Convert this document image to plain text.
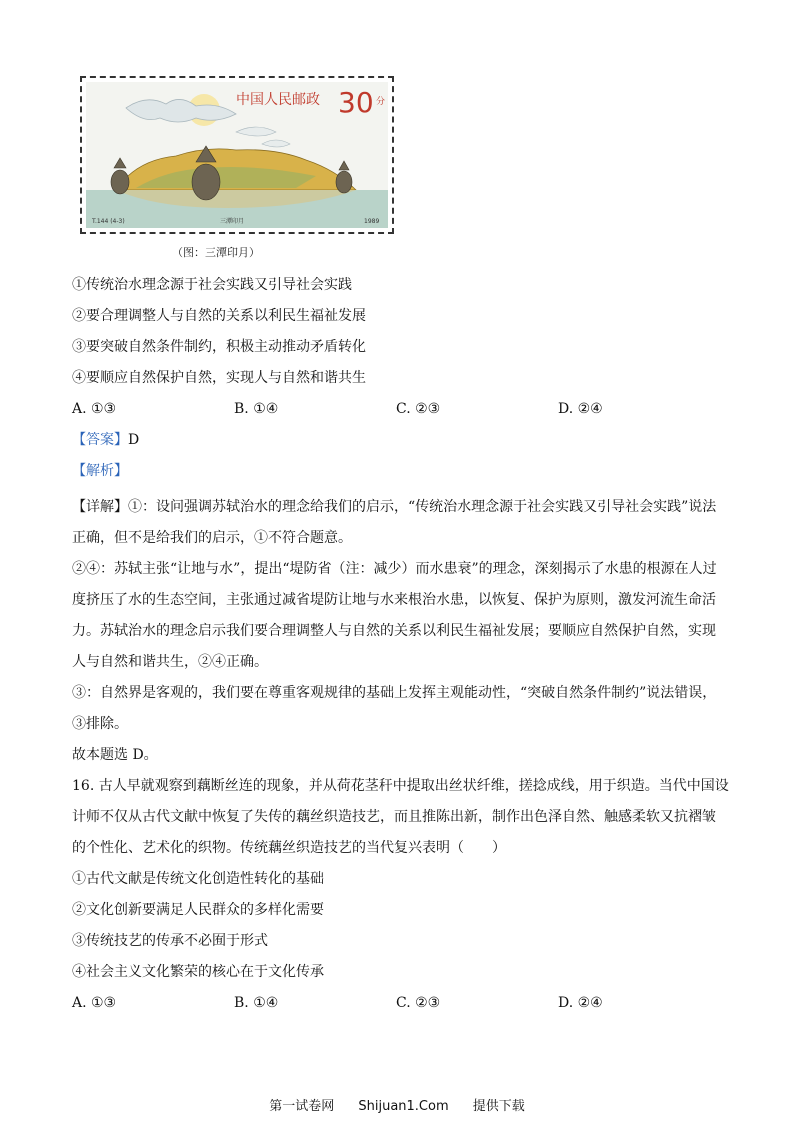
中国人民邮政 30 分
T.144 (4-3)	三潭印月	1989
（图：三潭印月）
①传统治水理念源于社会实践又引导社会实践
②要合理调整人与自然的关系以利民生福祉发展
③要突破自然条件制约，积极主动推动矛盾转化
④要顺应自然保护自然，实现人与自然和谐共生
A. ①③	B. ①④	C. ②③	D. ②④
【答案】D
【解析】
【详解】①：设问强调苏轼治水的理念给我们的启示，“传统治水理念源于社会实践又引导社会实践”说法
正确，但不是给我们的启示，①不符合题意。
②④：苏轼主张“让地与水”，提出“堤防省（注：减少）而水患衰”的理念，深刻揭示了水患的根源在人过
度挤压了水的生态空间，主张通过减省堤防让地与水来根治水患，以恢复、保护为原则，激发河流生命活
力。苏轼治水的理念启示我们要合理调整人与自然的关系以利民生福祉发展；要顺应自然保护自然，实现
人与自然和谐共生，②④正确。
③：自然界是客观的，我们要在尊重客观规律的基础上发挥主观能动性，“突破自然条件制约”说法错误，
③排除。
故本题选 D。
16. 古人早就观察到藕断丝连的现象，并从荷花茎秆中提取出丝状纤维，搓捻成线，用于织造。当代中国设
计师不仅从古代文献中恢复了失传的藕丝织造技艺，而且推陈出新，制作出色泽自然、触感柔软又抗褶皱
的个性化、艺术化的织物。传统藕丝织造技艺的当代复兴表明（　　）
①古代文献是传统文化创造性转化的基础
②文化创新要满足人民群众的多样化需要
③传统技艺的传承不必囿于形式
④社会主义文化繁荣的核心在于文化传承
A. ①③	B. ①④	C. ②③	D. ②④
第一试卷网 Shijuan1.Com 提供下载
